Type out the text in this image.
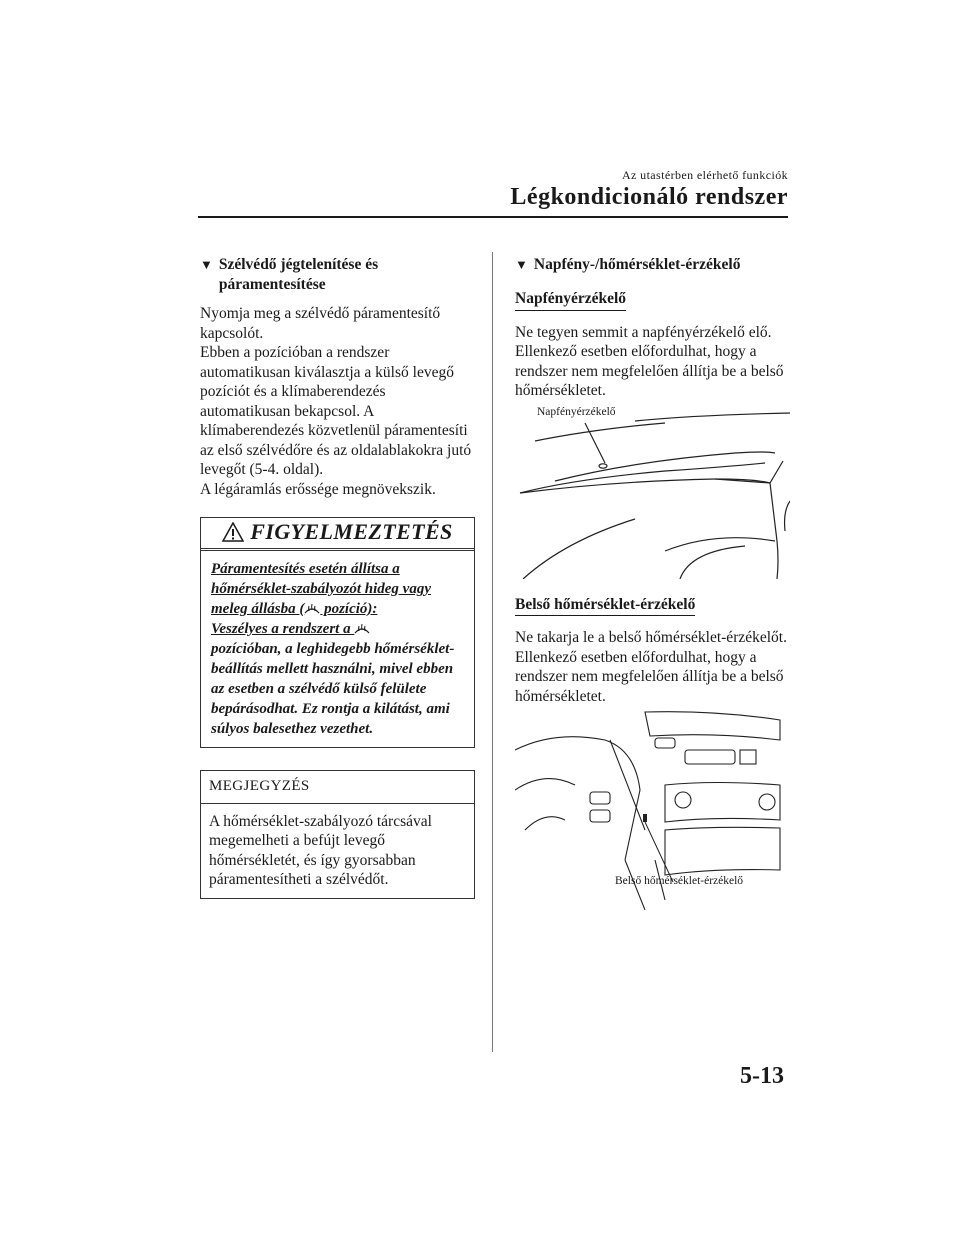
Az utastérben elérhető funkciók
Légkondicionáló rendszer
▼ Szélvédő jégtelenítése és páramentesítése

Nyomja meg a szélvédő páramentesítő kapcsolót.

Ebben a pozícióban a rendszer automatikusan kiválasztja a külső levegő pozíciót és a klímaberendezés automatikusan bekapcsol. A klímaberendezés közvetlenül páramentesíti az első szélvédőre és az oldalablakokra jutó levegőt (5-4. oldal).

A légáramlás erőssége megnövekszik.

FIGYELMEZTETÉS
Páramentesítés esetén állítsa a hőmérséklet-szabályozót hideg vagy meleg állásba ( pozíció):
Veszélyes a rendszert a
pozícióban, a leghidegebb hőmérséklet-beállítás mellett használni, mivel ebben az esetben a szélvédő külső felülete bepárásodhat. Ez rontja a kilátást, ami súlyos balesethez vezethet.
MEGJEGYZÉS
A hőmérséklet-szabályozó tárcsával megemelheti a befújt levegő hőmérsékletét, és így gyorsabban páramentesítheti a szélvédőt.
▼ Napfény-/hőmérséklet-érzékelő
Napfényérzékelő

Ne tegyen semmit a napfényérzékelő elő. Ellenkező esetben előfordulhat, hogy a rendszer nem megfelelően állítja be a belső hőmérsékletet.

Napfényérzékelő
Belső hőmérséklet-érzékelő

Ne takarja le a belső hőmérséklet-érzékelőt. Ellenkező esetben előfordulhat, hogy a rendszer nem megfelelően állítja be a belső hőmérsékletet.

Belső hőmérséklet-érzékelő
5-13
